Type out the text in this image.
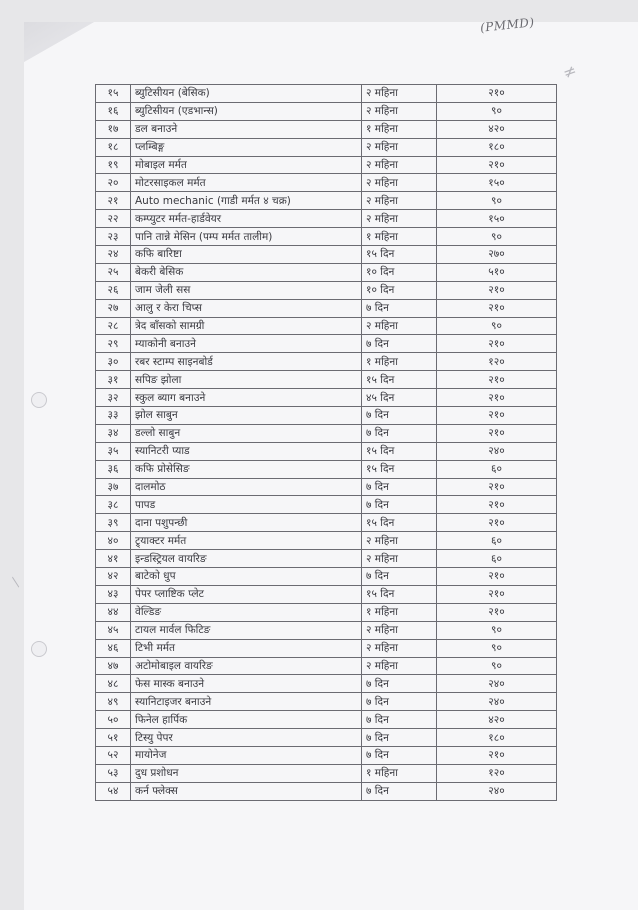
(PMMD)
≠
/
१५	ब्युटिसीयन (बेसिक)	२ महिना	२१०
१६	ब्युटिसीयन (एडभान्स)	२ महिना	९०
१७	डल बनाउने	१ महिना	४२०
१८	प्लम्बिङ्ग	२ महिना	१८०
१९	मोबाइल मर्मत	२ महिना	२१०
२०	मोटरसाइकल मर्मत	२ महिना	१५०
२१	Auto mechanic (गाडी मर्मत ४ चक्र)	२ महिना	९०
२२	कम्प्युटर मर्मत-हार्डवेयर	२ महिना	१५०
२३	पानि तान्ने मेसिन (पम्प मर्मत तालीम)	१ महिना	९०
२४	कफि बारिष्टा	१५ दिन	२७०
२५	बेकरी बेसिक	१० दिन	५१०
२६	जाम जेली सस	१० दिन	२१०
२७	आलु र केरा चिप्स	७ दिन	२१०
२८	त्रेद बाँसको सामग्री	२ महिना	९०
२९	म्याकोनी बनाउने	७ दिन	२१०
३०	रबर स्टाम्प साइनबोर्ड	१ महिना	१२०
३१	सपिङ झोला	१५ दिन	२१०
३२	स्कुल ब्याग बनाउने	४५ दिन	२१०
३३	झोल साबुन	७ दिन	२१०
३४	डल्लो साबुन	७ दिन	२१०
३५	स्यानिटरी प्याड	१५ दिन	२४०
३६	कफि प्रोसेसिङ	१५ दिन	६०
३७	दालमोठ	७ दिन	२१०
३८	पापड	७ दिन	२१०
३९	दाना पशुपन्छी	१५ दिन	२१०
४०	ट्र्याक्टर मर्मत	२ महिना	६०
४१	इन्डस्ट्रियल वायरिङ	२ महिना	६०
४२	बाटेको धुप	७ दिन	२१०
४३	पेपर प्लाष्टिक प्लेट	१५ दिन	२१०
४४	वेल्डिङ	१ महिना	२१०
४५	टायल मार्वल फिटिङ	२ महिना	९०
४६	टिभी मर्मत	२ महिना	९०
४७	अटोमोबाइल वायरिङ	२ महिना	९०
४८	फेस मास्क बनाउने	७ दिन	२४०
४९	स्यानिटाइजर बनाउने	७ दिन	२४०
५०	फिनेल हार्पिक	७ दिन	४२०
५१	टिस्यु पेपर	७ दिन	१८०
५२	मायोनेज	७ दिन	२१०
५३	दुध प्रशोधन	१ महिना	१२०
५४	कर्न फ्लेक्स	७ दिन	२४०
